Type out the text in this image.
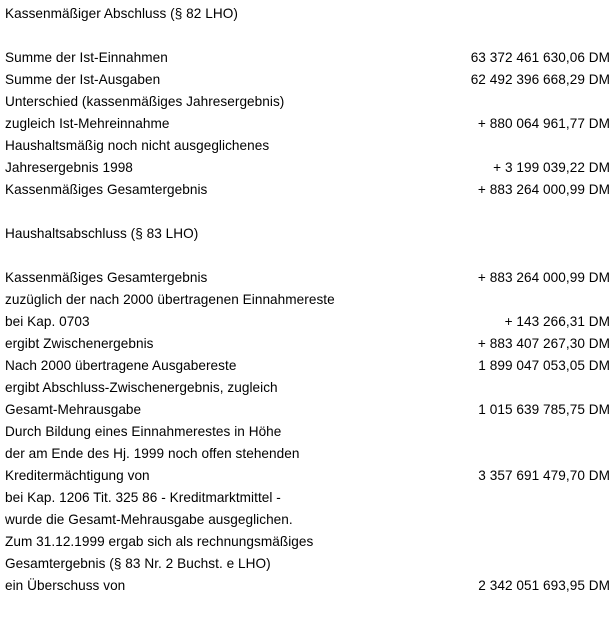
Kassenmäßiger Abschluss (§ 82 LHO)
Summe der Ist-Einnahmen	63 372 461 630,06 DM
Summe der Ist-Ausgaben	62 492 396 668,29 DM
Unterschied (kassenmäßiges Jahresergebnis)
zugleich Ist-Mehreinnahme	+ 880 064 961,77 DM
Haushaltsmäßig noch nicht ausgeglichenes
Jahresergebnis 1998	+ 3 199 039,22 DM
Kassenmäßiges Gesamtergebnis	+ 883 264 000,99 DM
Haushaltsabschluss (§ 83 LHO)
Kassenmäßiges Gesamtergebnis	+ 883 264 000,99 DM
zuzüglich der nach 2000 übertragenen Einnahmereste
bei Kap. 0703	+ 143 266,31 DM
ergibt Zwischenergebnis	+ 883 407 267,30 DM
Nach 2000 übertragene Ausgabereste	1 899 047 053,05 DM
ergibt Abschluss-Zwischenergebnis, zugleich
Gesamt-Mehrausgabe	1 015 639 785,75 DM
Durch Bildung eines Einnahmerestes in Höhe
der am Ende des Hj. 1999 noch offen stehenden
Kreditermächtigung von	3 357 691 479,70 DM
bei Kap. 1206 Tit. 325 86 - Kreditmarktmittel -
wurde die Gesamt-Mehrausgabe ausgeglichen.
Zum 31.12.1999 ergab sich als rechnungsmäßiges
Gesamtergebnis (§ 83 Nr. 2 Buchst. e LHO)
ein Überschuss von	2 342 051 693,95 DM
